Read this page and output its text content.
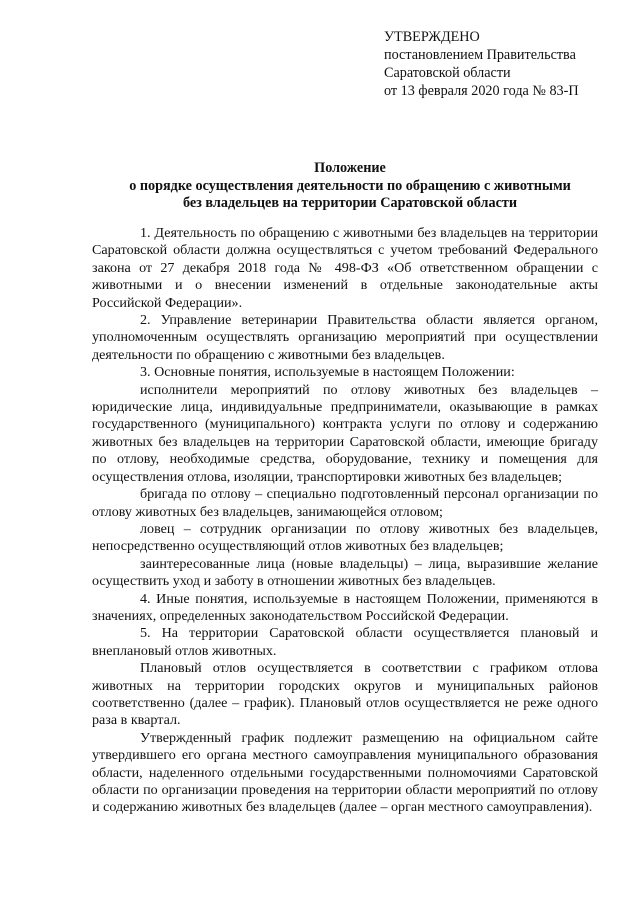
УТВЕРЖДЕНО
постановлением Правительства
Саратовской области
от 13 февраля 2020 года № 83-П
Положение
о порядке осуществления деятельности по обращению с животными
без владельцев на территории Саратовской области

1. Деятельность по обращению с животными без владельцев на территории Саратовской области должна осуществляться с учетом требований Федерального закона от 27 декабря 2018 года № 498-ФЗ «Об ответственном обращении с животными и о внесении изменений в отдельные законодательные акты Российской Федерации».

2. Управление ветеринарии Правительства области является органом, уполномоченным осуществлять организацию мероприятий при осуществлении деятельности по обращению с животными без владельцев.

3. Основные понятия, используемые в настоящем Положении:

исполнители мероприятий по отлову животных без владельцев – юридические лица, индивидуальные предприниматели, оказывающие в рамках государственного (муниципального) контракта услуги по отлову и содержанию животных без владельцев на территории Саратовской области, имеющие бригаду по отлову, необходимые средства, оборудование, технику и помещения для осуществления отлова, изоляции, транспортировки животных без владельцев;

бригада по отлову – специально подготовленный персонал организации по отлову животных без владельцев, занимающейся отловом;

ловец – сотрудник организации по отлову животных без владельцев, непосредственно осуществляющий отлов животных без владельцев;

заинтересованные лица (новые владельцы) – лица, выразившие желание осуществить уход и заботу в отношении животных без владельцев.

4. Иные понятия, используемые в настоящем Положении, применяются в значениях, определенных законодательством Российской Федерации.

5. На территории Саратовской области осуществляется плановый и внеплановый отлов животных.

Плановый отлов осуществляется в соответствии с графиком отлова животных на территории городских округов и муниципальных районов соответственно (далее – график). Плановый отлов осуществляется не реже одного раза в квартал.

Утвержденный график подлежит размещению на официальном сайте утвердившего его органа местного самоуправления муниципального образования области, наделенного отдельными государственными полномочиями Саратовской области по организации проведения на территории области мероприятий по отлову и содержанию животных без владельцев (далее – орган местного самоуправления).
